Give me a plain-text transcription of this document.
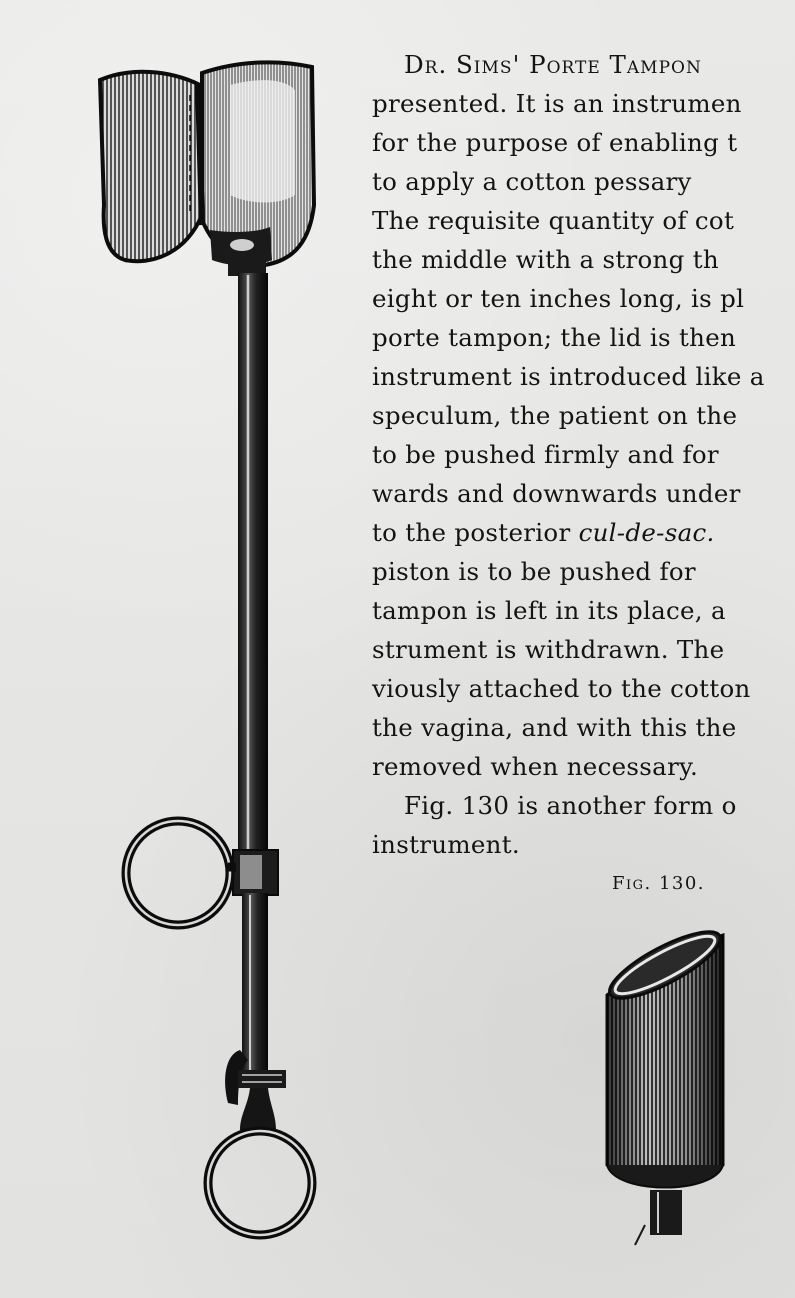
Dr. Sims' Porte Tampon
presented. It is an instrumen
for the purpose of enabling t
to apply a cotton pessary
The requisite quantity of cot
the middle with a strong th
eight or ten inches long, is pl
porte tampon; the lid is then
instrument is introduced like a
speculum, the patient on the
to be pushed firmly and for
wards and downwards under
to the posterior cul-de-sac.
piston is to be pushed for
tampon is left in its place, a
strument is withdrawn. The
viously attached to the cotton
the vagina, and with this the
removed when necessary.
Fig. 130 is another form o
instrument.
Fig. 130.
